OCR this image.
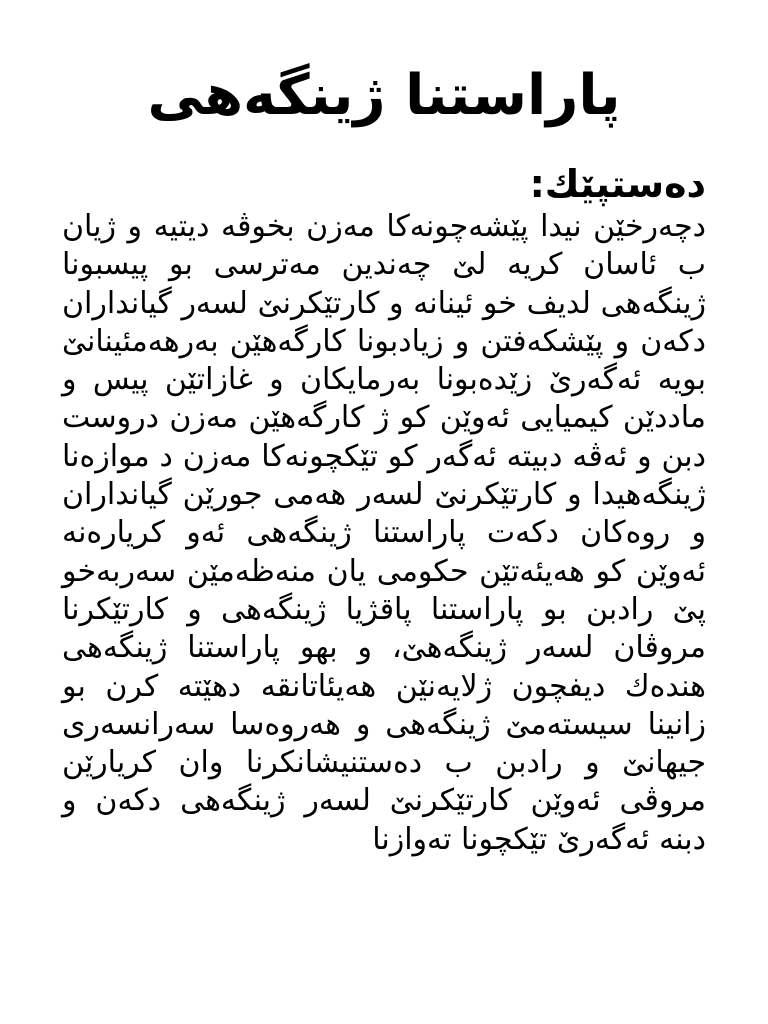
پاراستنا ژینگەهی
دەستپێك:

دچەرخێن نیدا پێشەچونەکا مەزن بخوڤە دیتیە و ژیان ب ئاسان کریە لێ چەندین مەترسی بو پیسبونا ژینگەهی لدیف خو ئینانە و کارتێکرنێ لسەر گیانداران دکەن و پێشکەفتن و زیادبونا کارگەهێن بەرهەمئینانێ بویە ئەگەرێ زێدەبونا بەرمایکان و غازاتێن پیس و ماددێن کیمیایی ئەوێن کو ژ کارگەهێن مەزن دروست دبن و ئەڤە دبیتە ئەگەر کو تێکچونەکا مەزن د موازەنا ژینگەهیدا و کارتێکرنێ لسەر هەمی جورێن گیانداران و روەکان دکەت پاراستنا ژینگەهی ئەو کریارەنە ئەوێن کو هەیئەتێن حکومی یان منەظەمێن سەربەخو پێ رادبن بو پاراستنا پاقژیا ژینگەهی و کارتێکرنا مروڤان لسەر ژینگەهێ، و بهو پاراستنا ژینگەهی هندەك دیفچون ژلایەنێن هەیئاتانقە دهێتە کرن بو زانینا سیستەمێ ژینگەهی و هەروەسا سەرانسەری جیهانێ و رادبن ب دەستنیشانکرنا وان کریارێن مروڤی ئەوێن کارتێکرنێ لسەر ژینگەهی دکەن و دبنە ئەگەرێ تێکچونا تەوازنا
